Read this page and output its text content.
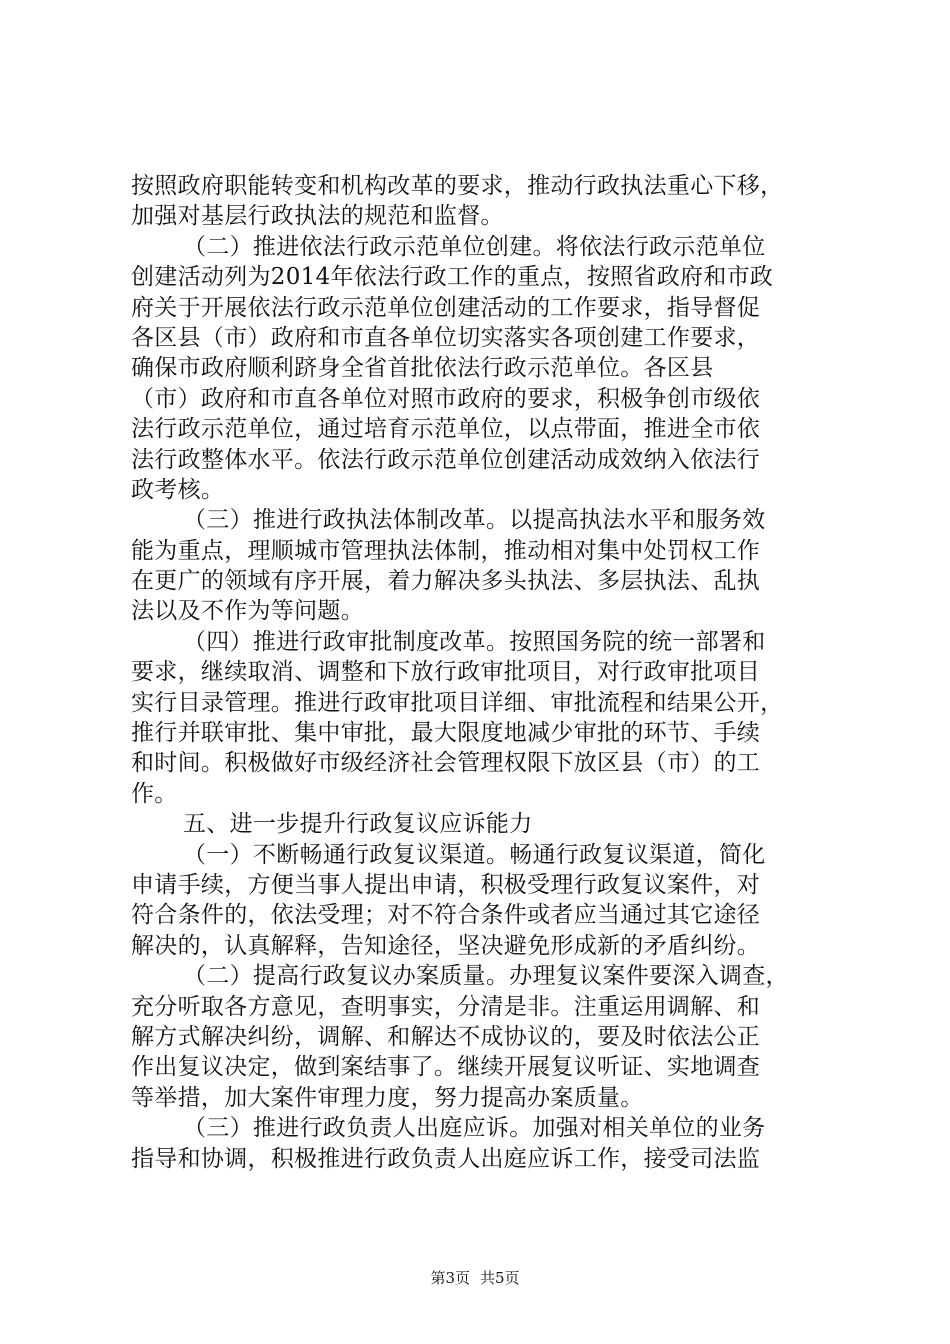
按照政府职能转变和机构改革的要求，推动行政执法重心下移，
加强对基层行政执法的规范和监督。
（二）推进依法行政示范单位创建。将依法行政示范单位
创建活动列为2014年依法行政工作的重点，按照省政府和市政
府关于开展依法行政示范单位创建活动的工作要求，指导督促
各区县（市）政府和市直各单位切实落实各项创建工作要求，
确保市政府顺利跻身全省首批依法行政示范单位。各区县
（市）政府和市直各单位对照市政府的要求，积极争创市级依
法行政示范单位，通过培育示范单位，以点带面，推进全市依
法行政整体水平。依法行政示范单位创建活动成效纳入依法行
政考核。
（三）推进行政执法体制改革。以提高执法水平和服务效
能为重点，理顺城市管理执法体制，推动相对集中处罚权工作
在更广的领域有序开展，着力解决多头执法、多层执法、乱执
法以及不作为等问题。
（四）推进行政审批制度改革。按照国务院的统一部署和
要求，继续取消、调整和下放行政审批项目，对行政审批项目
实行目录管理。推进行政审批项目详细、审批流程和结果公开，
推行并联审批、集中审批，最大限度地减少审批的环节、手续
和时间。积极做好市级经济社会管理权限下放区县（市）的工
作。
五、进一步提升行政复议应诉能力
（一）不断畅通行政复议渠道。畅通行政复议渠道，简化
申请手续，方便当事人提出申请，积极受理行政复议案件，对
符合条件的，依法受理；对不符合条件或者应当通过其它途径
解决的，认真解释，告知途径，坚决避免形成新的矛盾纠纷。
（二）提高行政复议办案质量。办理复议案件要深入调查，
充分听取各方意见，查明事实，分清是非。注重运用调解、和
解方式解决纠纷，调解、和解达不成协议的，要及时依法公正
作出复议决定，做到案结事了。继续开展复议听证、实地调查
等举措，加大案件审理力度，努力提高办案质量。
（三）推进行政负责人出庭应诉。加强对相关单位的业务
指导和协调，积极推进行政负责人出庭应诉工作，接受司法监
第3页 共5页
